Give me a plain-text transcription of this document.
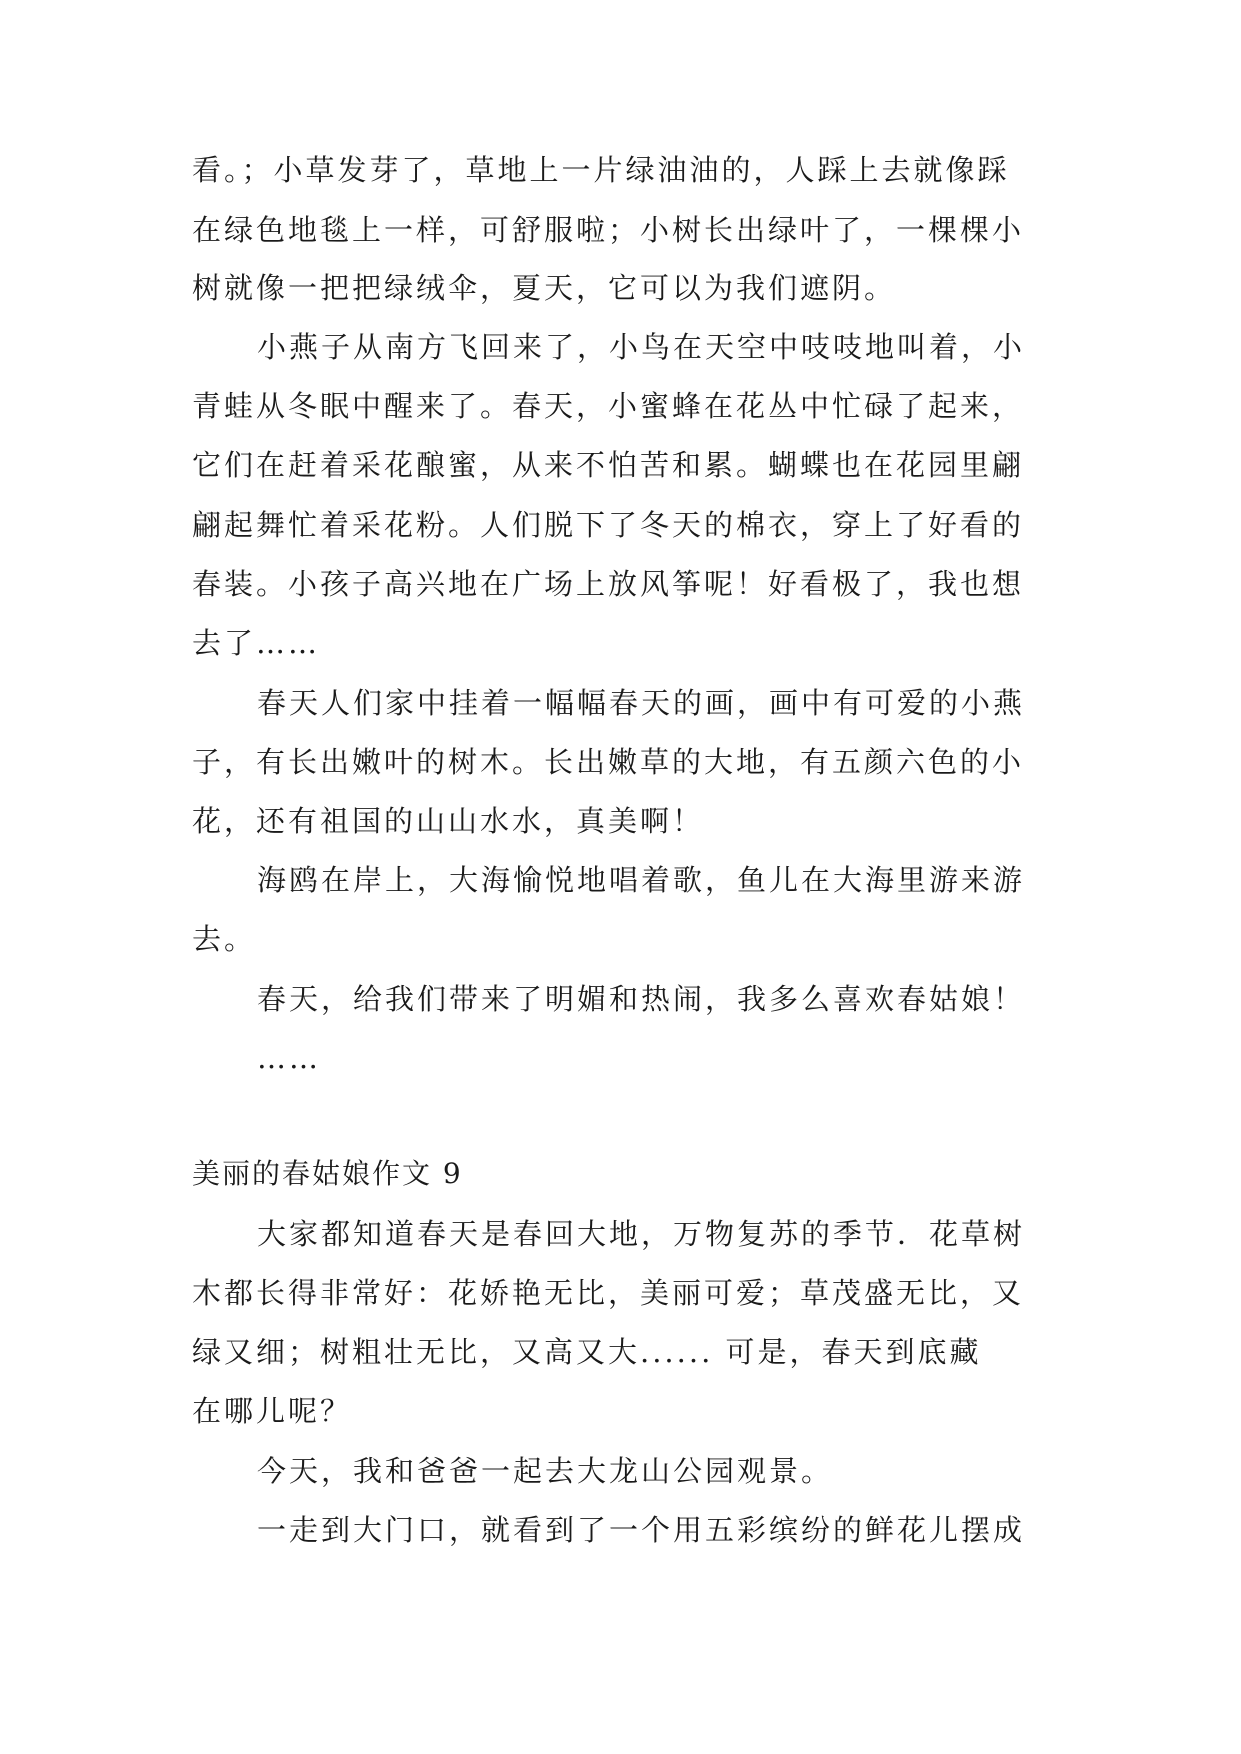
看。；小草发芽了，草地上一片绿油油的，人踩上去就像踩
在绿色地毯上一样，可舒服啦；小树长出绿叶了，一棵棵小
树就像一把把绿绒伞，夏天，它可以为我们遮阴。
小燕子从南方飞回来了，小鸟在天空中吱吱地叫着，小
青蛙从冬眠中醒来了。春天，小蜜蜂在花丛中忙碌了起来，
它们在赶着采花酿蜜，从来不怕苦和累。蝴蝶也在花园里翩
翩起舞忙着采花粉。人们脱下了冬天的棉衣，穿上了好看的
春装。小孩子高兴地在广场上放风筝呢！好看极了，我也想
去了……
春天人们家中挂着一幅幅春天的画，画中有可爱的小燕
子，有长出嫩叶的树木。长出嫩草的大地，有五颜六色的小
花，还有祖国的山山水水，真美啊！
海鸥在岸上，大海愉悦地唱着歌，鱼儿在大海里游来游
去。
春天，给我们带来了明媚和热闹，我多么喜欢春姑娘！
……
美丽的春姑娘作文 9
大家都知道春天是春回大地，万物复苏的季节．花草树
木都长得非常好：花娇艳无比，美丽可爱；草茂盛无比，又
绿又细；树粗壮无比，又高又大...... 可是，春天到底藏
在哪儿呢？
今天，我和爸爸一起去大龙山公园观景。
一走到大门口，就看到了一个用五彩缤纷的鲜花儿摆成
